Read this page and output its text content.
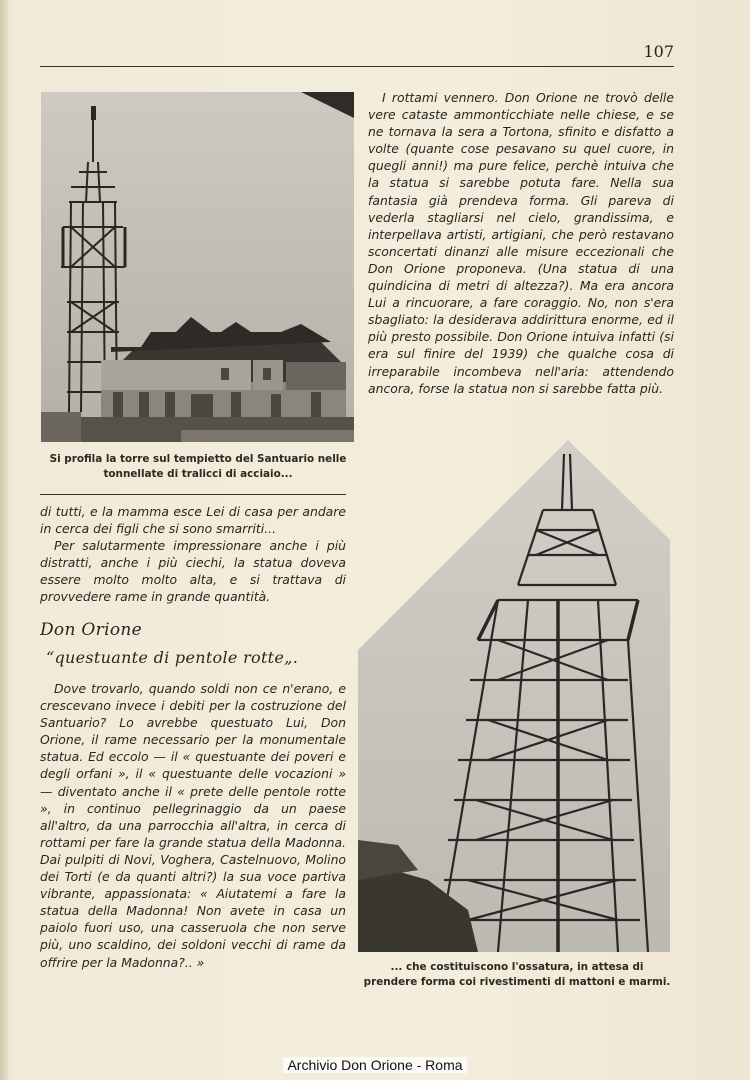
107
Si profila la torre sul tempietto del Santuario nelle tonnellate di tralicci di acciaio...

di tutti, e la mamma esce Lei di casa per andare in cerca dei figli che si sono smarriti...

Per salutarmente impressionare anche i più distratti, anche i più ciechi, la statua doveva essere molto molto alta, e si trattava di provvedere rame in grande quantità.

Don Orione
“questuante di pentole rotte„.

Dove trovarlo, quando soldi non ce n'erano, e crescevano invece i debiti per la costruzione del Santuario? Lo avrebbe questuato Lui, Don Orione, il rame necessario per la monumentale statua. Ed eccolo — il « questuante dei poveri e degli orfani », il « questuante delle vocazioni » — diventato anche il « prete delle pentole rotte », in continuo pellegrinaggio da un paese all'altro, da una parrocchia all'altra, in cerca di rottami per fare la grande statua della Madonna. Dai pulpiti di Novi, Voghera, Castelnuovo, Molino dei Torti (e da quanti altri?) la sua voce partiva vibrante, appassionata: « Aiutatemi a fare la statua della Madonna! Non avete in casa un paiolo fuori uso, una casseruola che non serve più, uno scaldino, dei soldoni vecchi di rame da offrire per la Madonna?.. »

I rottami vennero. Don Orione ne trovò delle vere cataste ammonticchiate nelle chiese, e se ne tornava la sera a Tortona, sfinito e disfatto a volte (quante cose pesavano su quel cuore, in quegli anni!) ma pure felice, perchè intuiva che la statua si sarebbe potuta fare. Nella sua fantasia già prendeva forma. Gli pareva di vederla stagliarsi nel cielo, grandissima, e interpellava artisti, artigiani, che però restavano sconcertati dinanzi alle misure eccezionali che Don Orione proponeva. (Una statua di una quindicina di metri di altezza?). Ma era ancora Lui a rincuorare, a fare coraggio. No, non s'era sbagliato: la desiderava addirittura enorme, ed il più presto possibile. Don Orione intuiva infatti (si era sul finire del 1939) che qualche cosa di irreparabile incombeva nell'aria: attendendo ancora, forse la statua non si sarebbe fatta più.

... che costituiscono l'ossatura, in attesa di prendere forma coi rivestimenti di mattoni e marmi.
Archivio Don Orione - Roma
